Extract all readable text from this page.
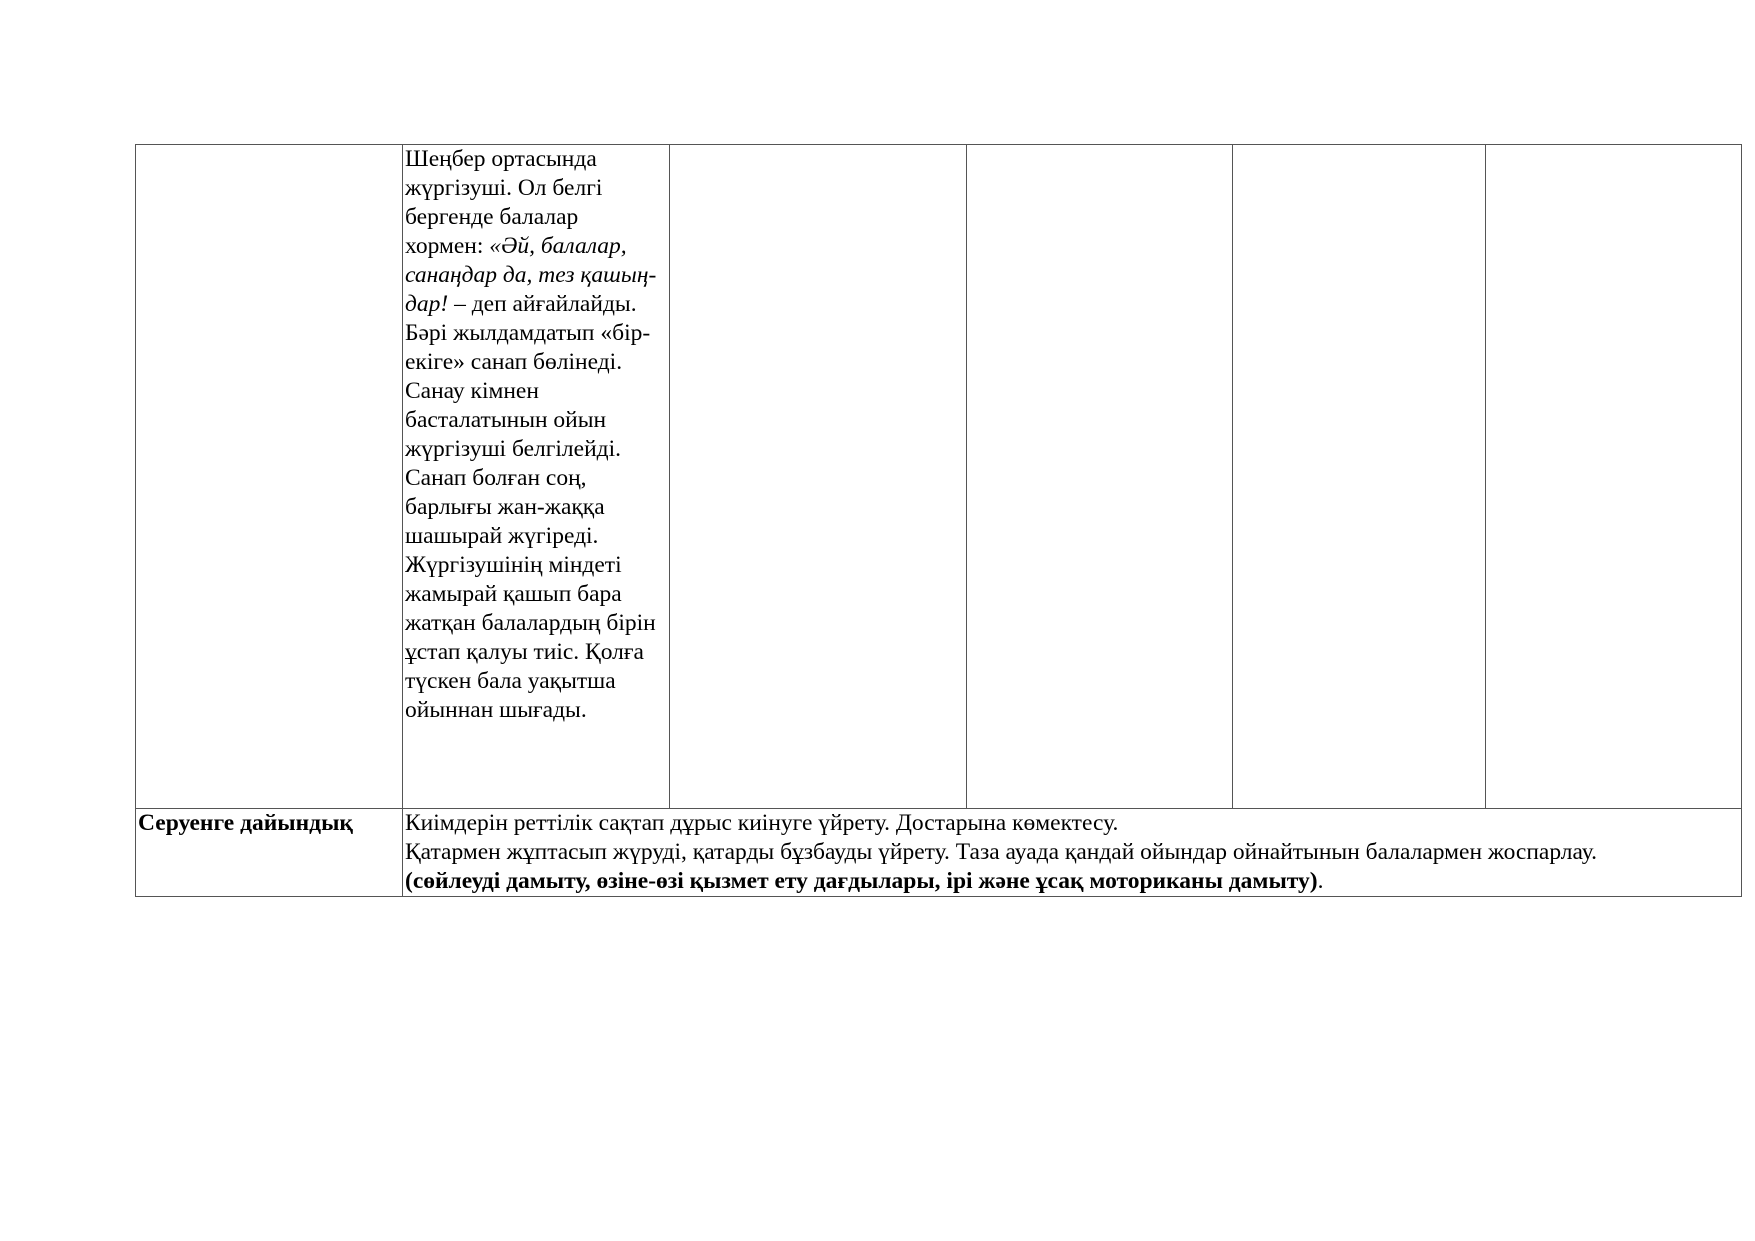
	Шеңбер ортасында жүргізуші. Ол белгі бергенде балалар хормен: «Әй, балалар, санаңдар да, тез қашың- дар! – деп айғайлайды. Бәрі жылдамдатып «бір-екіге» санап бөлінеді. Санау кімнен басталатынын ойын жүргізуші белгілейді. Санап болған соң, барлығы жан-жаққа шашырай жүгіреді. Жүргізушінің міндеті жамырай қашып бара жатқан балалардың бірін ұстап қалуы тиіс. Қолға түскен бала уақытша ойыннан шығады.				

Серуенге дайындық	Киімдерін реттілік сақтап дұрыс киінуге үйрету. Достарына көмектесу.
Қатармен жұптасып жүруді, қатарды бұзбауды үйрету. Таза ауада қандай ойындар ойнайтынын балалармен жоспарлау.
(сөйлеуді дамыту, өзіне-өзі қызмет ету дағдылары, ірі және ұсақ моториканы дамыту).				
